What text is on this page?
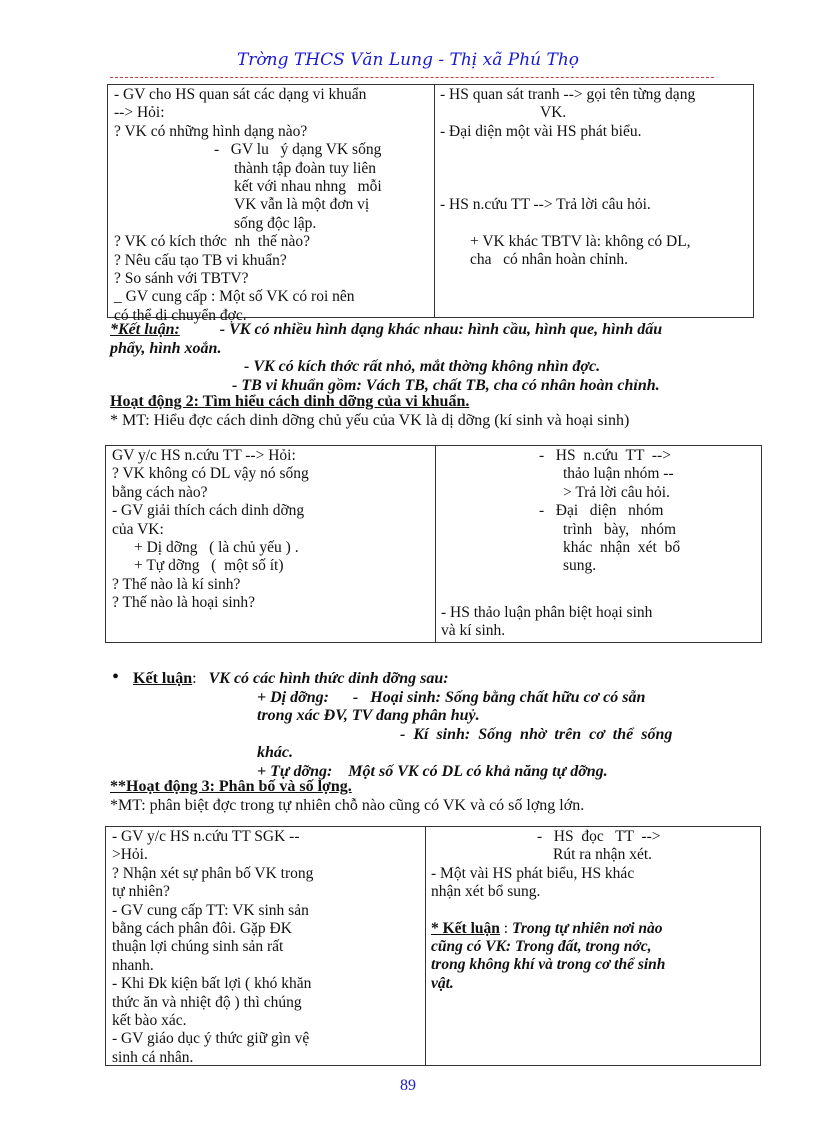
Trờng THCS Văn Lung - Thị xã Phú Thọ
- GV cho HS quan sát các dạng vi khuẩn
--> Hỏi:
? VK có những hình dạng nào?
-   GV lu   ý dạng VK sống
thành tập đoàn tuy liên
kết với nhau nhng   mỗi
VK vẫn là một đơn vị
sống độc lập.
? VK có kích thớc  nh  thế nào?
? Nêu cấu tạo TB vi khuẩn?
? So sánh với TBTV?
_ GV cung cấp : Một số VK có roi nên
có thể di chuyển đợc.
- HS quan sát tranh --> gọi tên từng dạng
VK.
- Đại diện một vài HS phát biểu.
- HS n.cứu TT --> Trả lời câu hỏi.
+ VK khác TBTV là: không có DL,
cha   có nhân hoàn chỉnh.
*Kết luận:	- VK có nhiều hình dạng khác nhau: hình cầu, hình que, hình dấu
phẩy, hình xoắn.
- VK có kích thớc rất nhỏ, mắt thờng không nhìn đợc.
- TB vi khuẩn gồm: Vách TB, chất TB, cha có nhân hoàn chỉnh.
Hoạt động 2: Tìm hiểu cách dinh dỡng của vi khuẩn.
* MT: Hiểu đợc cách dinh dỡng chủ yếu của VK là dị dỡng (kí sinh và hoại sinh)
GV y/c HS n.cứu TT --> Hỏi:
? VK không có DL vậy nó sống
bằng cách nào?
- GV giải thích cách dinh dỡng
của VK:
+ Dị dỡng   ( là chủ yếu ) .
+ Tự dỡng   (  một số ít)
? Thế nào là kí sinh?
? Thế nào là hoại sinh?
-   HS  n.cứu  TT  -->
thảo luận nhóm --
> Trả lời câu hỏi.
-   Đại   diện   nhóm
trình   bày,   nhóm
khác  nhận  xét  bổ
sung.
- HS thảo luận phân biệt hoại sinh
và kí sinh.
• Kết luận: VK có các hình thức dinh dỡng sau:
+ Dị dỡng:      -   Hoại sinh: Sống bằng chất hữu cơ có sẵn
trong xác ĐV, TV đang phân huỷ.
-  Kí  sinh:  Sống  nhờ  trên  cơ  thể  sống
khác.
+ Tự dỡng:    Một số VK có DL có khả năng tự dỡng.
**Hoạt động 3: Phân bố và số lợng.
*MT: phân biệt đợc trong tự nhiên chỗ nào cũng có VK và có số lợng lớn.
- GV y/c HS n.cứu TT SGK --
>Hỏi.
? Nhận xét sự phân bố VK trong
tự nhiên?
- GV cung cấp TT: VK sinh sản
bằng cách phân đôi. Gặp ĐK
thuận lợi chúng sinh sản rất
nhanh.
- Khi Đk kiện bất lợi ( khó khăn
thức ăn và nhiệt độ ) thì chúng
kết bào xác.
- GV giáo dục ý thức giữ gìn vệ
sinh cá nhân.
-   HS  đọc   TT  -->
Rút ra nhận xét.
- Một vài HS phát biểu, HS khác
nhận xét bổ sung.
* Kết luận : Trong tự nhiên nơi nào
cũng có VK: Trong đất, trong nớc,
trong không khí và trong cơ thể sinh
vật.
89
